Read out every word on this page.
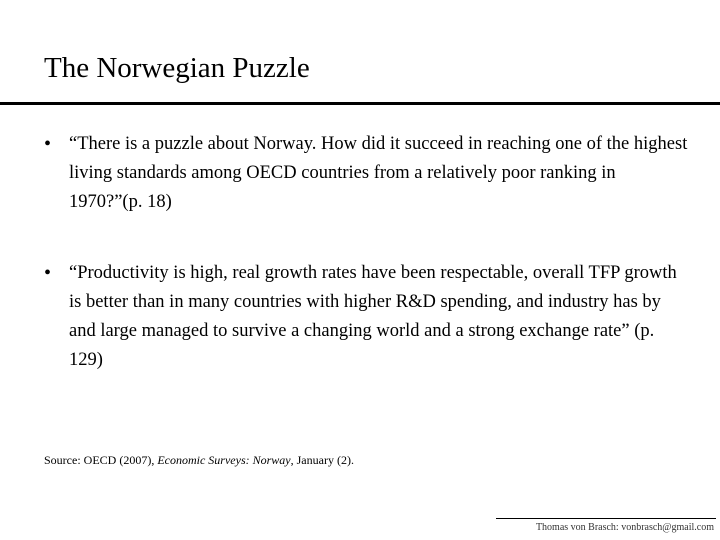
The Norwegian Puzzle
• “There is a puzzle about Norway. How did it succeed in reaching one of the highest living standards among OECD countries from a relatively poor ranking in 1970?”(p. 18)
• “Productivity is high, real growth rates have been respectable, overall TFP growth is better than in many countries with higher R&D spending, and industry has by and large managed to survive a changing world and a strong exchange rate” (p. 129)
Source: OECD (2007), Economic Surveys: Norway, January (2).
Thomas von Brasch: vonbrasch@gmail.com
